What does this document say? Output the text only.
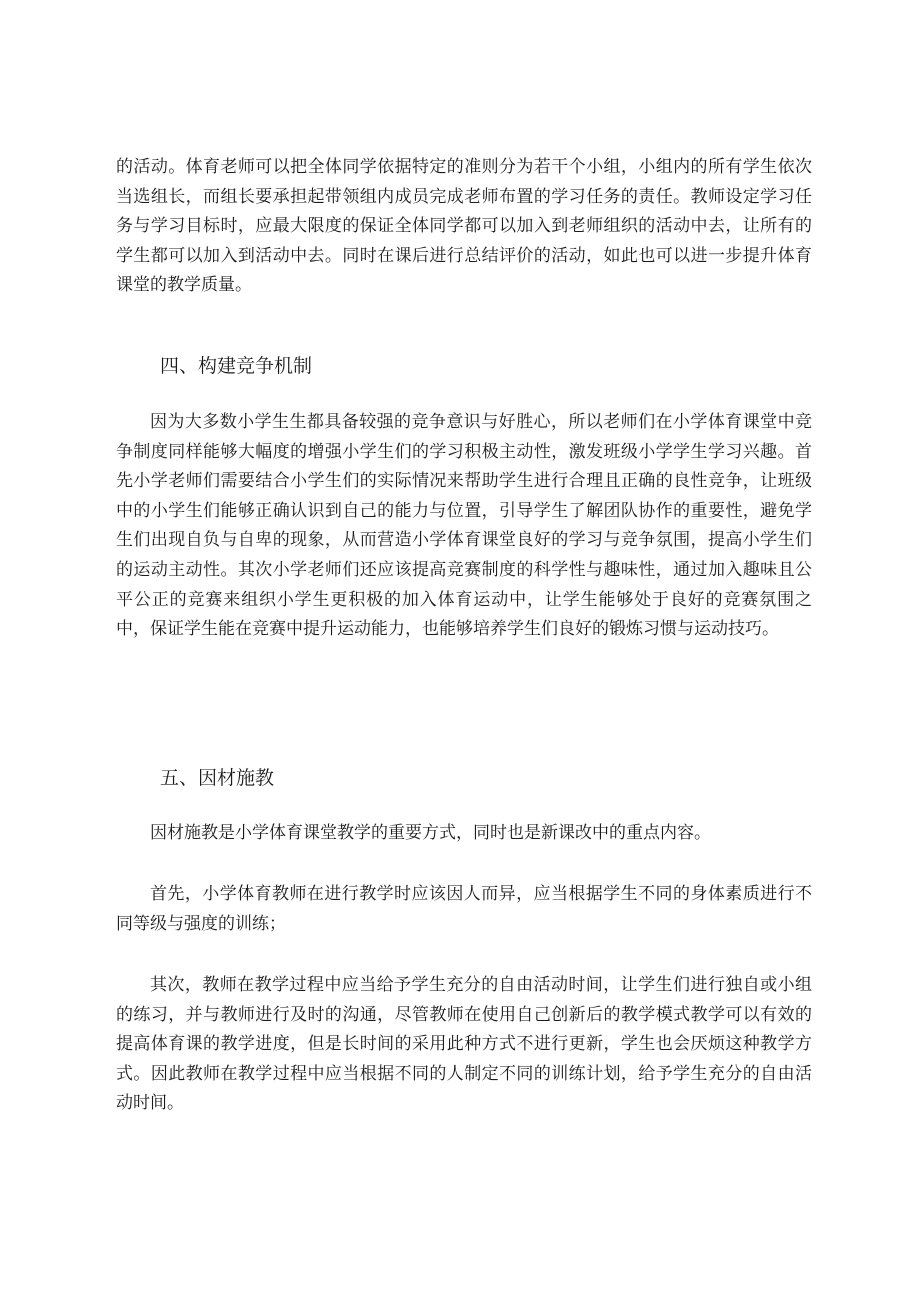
的活动。体育老师可以把全体同学依据特定的准则分为若干个小组，小组内的所有学生依次当选组长，而组长要承担起带领组内成员完成老师布置的学习任务的责任。教师设定学习任务与学习目标时，应最大限度的保证全体同学都可以加入到老师组织的活动中去，让所有的学生都可以加入到活动中去。同时在课后进行总结评价的活动，如此也可以进一步提升体育课堂的教学质量。

四、构建竞争机制

因为大多数小学生生都具备较强的竞争意识与好胜心，所以老师们在小学体育课堂中竞争制度同样能够大幅度的增强小学生们的学习积极主动性，激发班级小学学生学习兴趣。首先小学老师们需要结合小学生们的实际情况来帮助学生进行合理且正确的良性竞争，让班级中的小学生们能够正确认识到自己的能力与位置，引导学生了解团队协作的重要性，避免学生们出现自负与自卑的现象，从而营造小学体育课堂良好的学习与竞争氛围，提高小学生们的运动主动性。其次小学老师们还应该提高竞赛制度的科学性与趣味性，通过加入趣味且公平公正的竞赛来组织小学生更积极的加入体育运动中，让学生能够处于良好的竞赛氛围之中，保证学生能在竞赛中提升运动能力，也能够培养学生们良好的锻炼习惯与运动技巧。

五、因材施教

因材施教是小学体育课堂教学的重要方式，同时也是新课改中的重点内容。

首先，小学体育教师在进行教学时应该因人而异，应当根据学生不同的身体素质进行不同等级与强度的训练；

其次，教师在教学过程中应当给予学生充分的自由活动时间，让学生们进行独自或小组的练习，并与教师进行及时的沟通，尽管教师在使用自己创新后的教学模式教学可以有效的提高体育课的教学进度，但是长时间的采用此种方式不进行更新，学生也会厌烦这种教学方式。因此教师在教学过程中应当根据不同的人制定不同的训练计划，给予学生充分的自由活动时间。
